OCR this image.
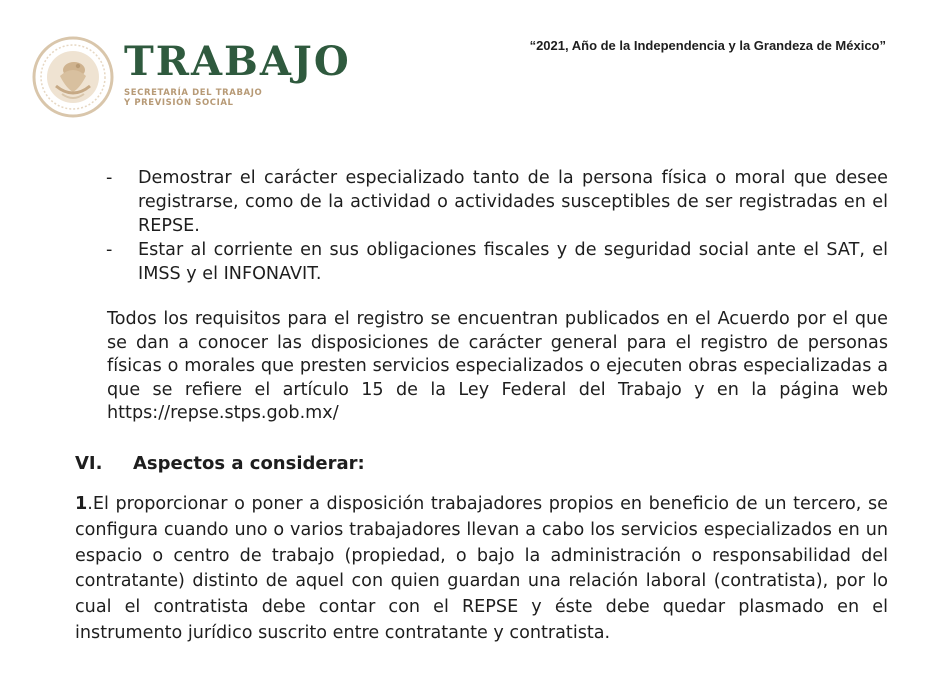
TRABAJO
SECRETARÍA DEL TRABAJO
Y PREVISIÓN SOCIAL
“2021, Año de la Independencia y la Grandeza de México”
- Demostrar el carácter especializado tanto de la persona física o moral que desee registrarse, como de la actividad o actividades susceptibles de ser registradas en el REPSE.
- Estar al corriente en sus obligaciones fiscales y de seguridad social ante el SAT, el IMSS y el INFONAVIT.

Todos los requisitos para el registro se encuentran publicados en el Acuerdo por el que se dan a conocer las disposiciones de carácter general para el registro de personas físicas o morales que presten servicios especializados o ejecuten obras especializadas a que se refiere el artículo 15 de la Ley Federal del Trabajo y en la página web https://repse.stps.gob.mx/

VI. Aspectos a considerar:

1.El proporcionar o poner a disposición trabajadores propios en beneficio de un tercero, se configura cuando uno o varios trabajadores llevan a cabo los servicios especializados en un espacio o centro de trabajo (propiedad, o bajo la administración o responsabilidad del contratante) distinto de aquel con quien guardan una relación laboral (contratista), por lo cual el contratista debe contar con el REPSE y éste debe quedar plasmado en el instrumento jurídico suscrito entre contratante y contratista.
